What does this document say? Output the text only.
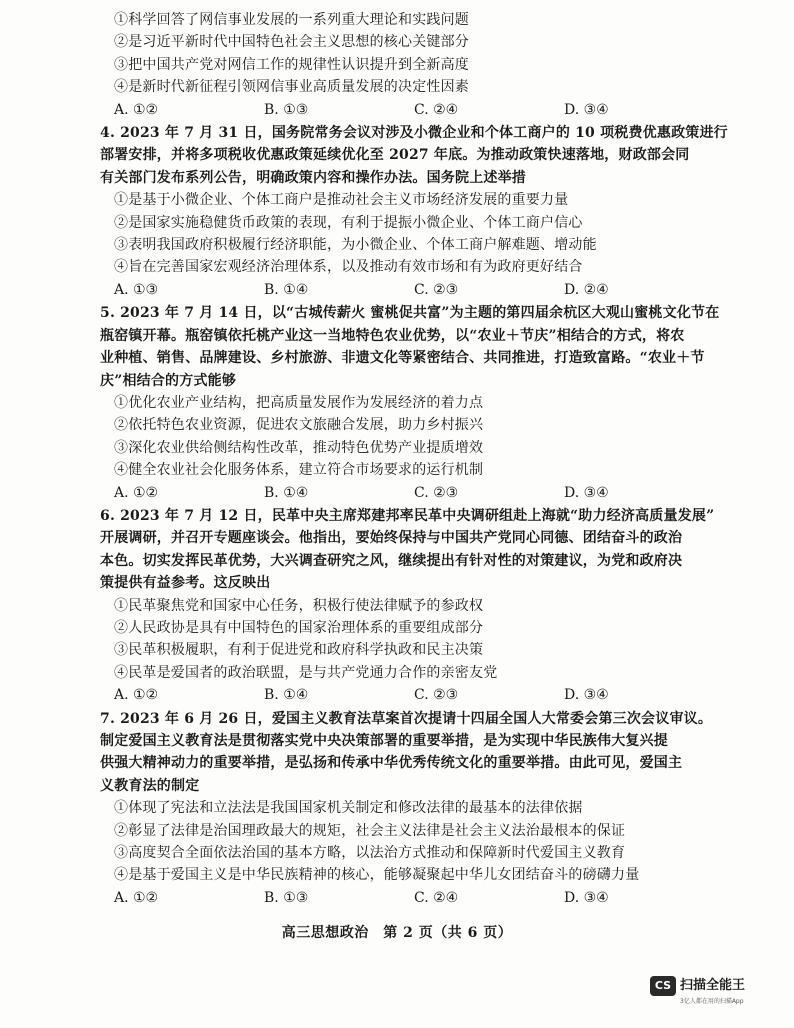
①科学回答了网信事业发展的一系列重大理论和实践问题
②是习近平新时代中国特色社会主义思想的核心关键部分
③把中国共产党对网信工作的规律性认识提升到全新高度
④是新时代新征程引领网信事业高质量发展的决定性因素
A. ①②	B. ①③	C. ②④	D. ③④
4. 2023 年 7 月 31 日，国务院常务会议对涉及小微企业和个体工商户的 10 项税费优惠政策进行
部署安排，并将多项税收优惠政策延续优化至 2027 年底。为推动政策快速落地，财政部会同
有关部门发布系列公告，明确政策内容和操作办法。国务院上述举措
①是基于小微企业、个体工商户是推动社会主义市场经济发展的重要力量
②是国家实施稳健货币政策的表现，有利于提振小微企业、个体工商户信心
③表明我国政府积极履行经济职能，为小微企业、个体工商户解难题、增动能
④旨在完善国家宏观经济治理体系，以及推动有效市场和有为政府更好结合
A. ①③	B. ①④	C. ②③	D. ②④
5. 2023 年 7 月 14 日，以“古城传薪火 蜜桃促共富”为主题的第四届余杭区大观山蜜桃文化节在
瓶窑镇开幕。瓶窑镇依托桃产业这一当地特色农业优势，以“农业＋节庆”相结合的方式，将农
业种植、销售、品牌建设、乡村旅游、非遗文化等紧密结合、共同推进，打造致富路。“农业＋节
庆”相结合的方式能够
①优化农业产业结构，把高质量发展作为发展经济的着力点
②依托特色农业资源，促进农文旅融合发展，助力乡村振兴
③深化农业供给侧结构性改革，推动特色优势产业提质增效
④健全农业社会化服务体系，建立符合市场要求的运行机制
A. ①②	B. ①④	C. ②③	D. ③④
6. 2023 年 7 月 12 日，民革中央主席郑建邦率民革中央调研组赴上海就“助力经济高质量发展”
开展调研，并召开专题座谈会。他指出，要始终保持与中国共产党同心同德、团结奋斗的政治
本色。切实发挥民革优势，大兴调查研究之风，继续提出有针对性的对策建议，为党和政府决
策提供有益参考。这反映出
①民革聚焦党和国家中心任务，积极行使法律赋予的参政权
②人民政协是具有中国特色的国家治理体系的重要组成部分
③民革积极履职，有利于促进党和政府科学执政和民主决策
④民革是爱国者的政治联盟，是与共产党通力合作的亲密友党
A. ①②	B. ①④	C. ②③	D. ③④
7. 2023 年 6 月 26 日，爱国主义教育法草案首次提请十四届全国人大常委会第三次会议审议。
制定爱国主义教育法是贯彻落实党中央决策部署的重要举措，是为实现中华民族伟大复兴提
供强大精神动力的重要举措，是弘扬和传承中华优秀传统文化的重要举措。由此可见，爱国主
义教育法的制定
①体现了宪法和立法法是我国国家机关制定和修改法律的最基本的法律依据
②彰显了法律是治国理政最大的规矩，社会主义法律是社会主义法治最根本的保证
③高度契合全面依法治国的基本方略，以法治方式推动和保障新时代爱国主义教育
④是基于爱国主义是中华民族精神的核心，能够凝聚起中华儿女团结奋斗的磅礴力量
A. ①②	B. ①③	C. ②④	D. ③④
高三思想政治　第 2 页（共 6 页）
CS 扫描全能王
3亿人都在用的扫描App
